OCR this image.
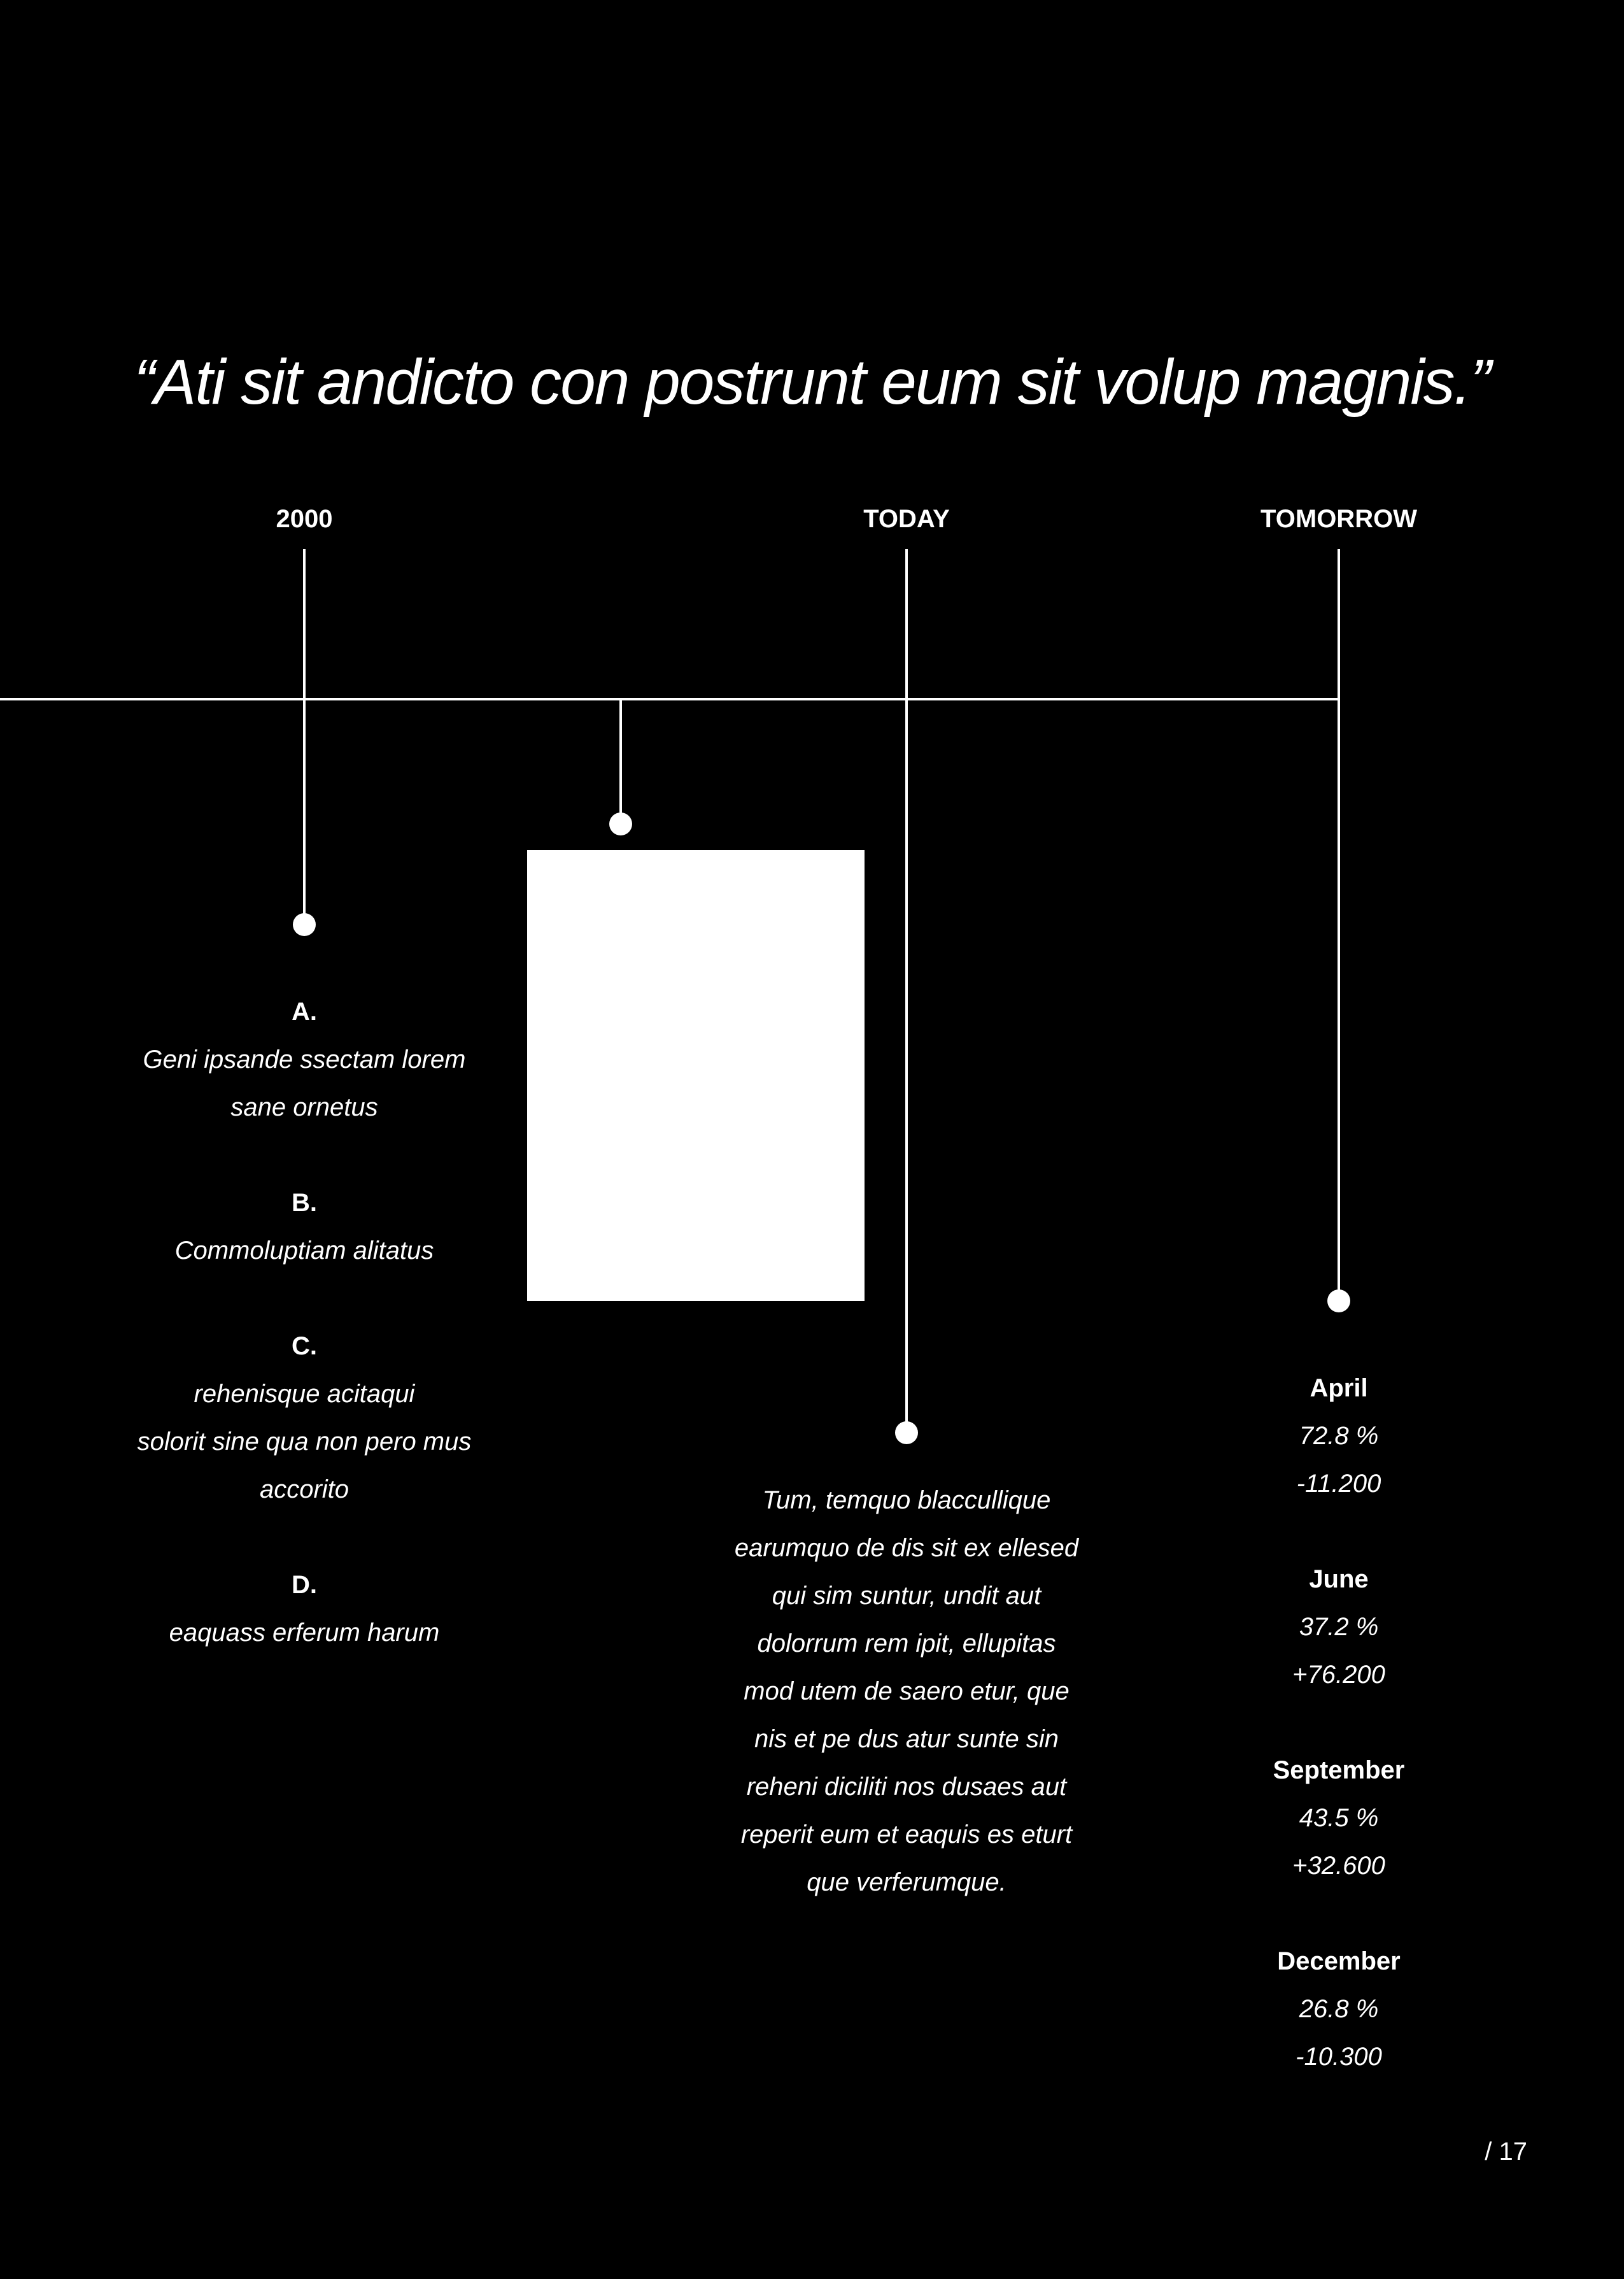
“Ati sit andicto con postrunt eum sit volup magnis.”
2000	TODAY	TOMORROW
A.
Geni ipsande ssectam lorem
sane ornetus
B.
Commoluptiam alitatus
C.
rehenisque acitaqui
solorit sine qua non pero mus
accorito
D.
eaquass erferum harum
Tum, temquo blaccullique
earumquo de dis sit ex ellesed
qui sim suntur, undit aut
dolorrum rem ipit, ellupitas
mod utem de saero etur, que
nis et pe dus atur sunte sin
reheni diciliti nos dusaes aut
reperit eum et eaquis es eturt
que verferumque.
April
72.8 %
-11.200
June
37.2 %
+76.200
September
43.5 %
+32.600
December
26.8 %
-10.300
/ 17
